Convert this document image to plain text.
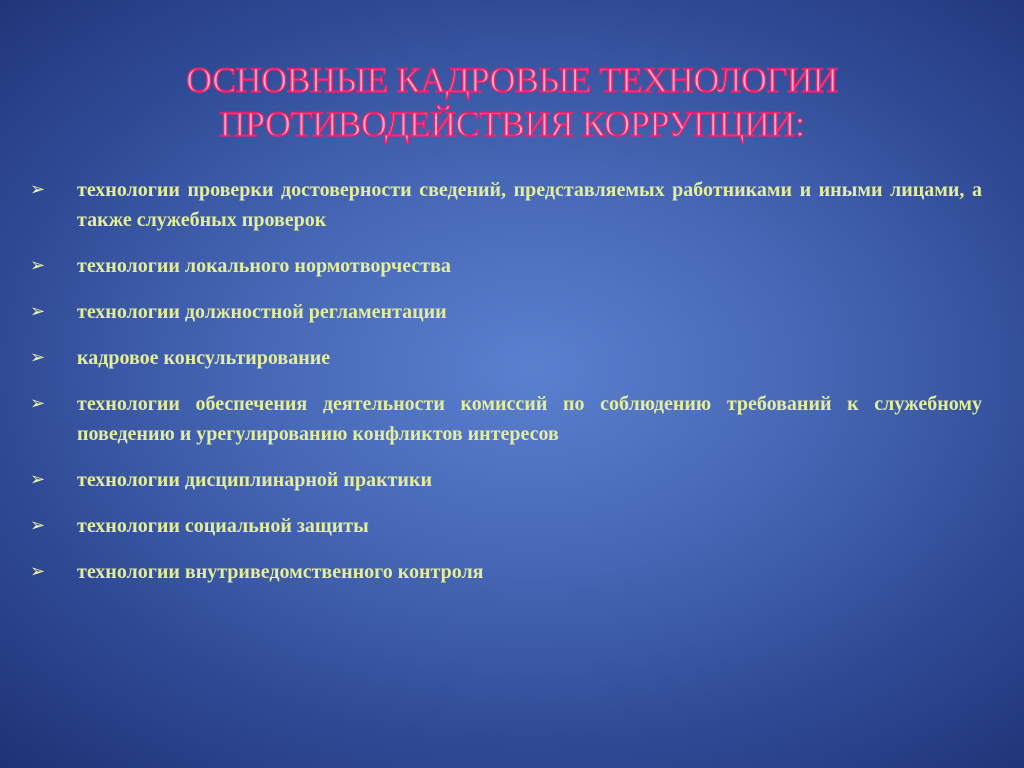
ОСНОВНЫЕ КАДРОВЫЕ ТЕХНОЛОГИИ
ПРОТИВОДЕЙСТВИЯ КОРРУПЦИИ:
➢ технологии проверки достоверности сведений, представляемых работниками и иными лицами, а также служебных проверок
➢ технологии локального нормотворчества
➢ технологии должностной регламентации
➢ кадровое консультирование
➢ технологии обеспечения деятельности комиссий по соблюдению требований к служебному поведению и урегулированию конфликтов интересов
➢ технологии дисциплинарной практики
➢ технологии социальной защиты
➢ технологии внутриведомственного контроля
